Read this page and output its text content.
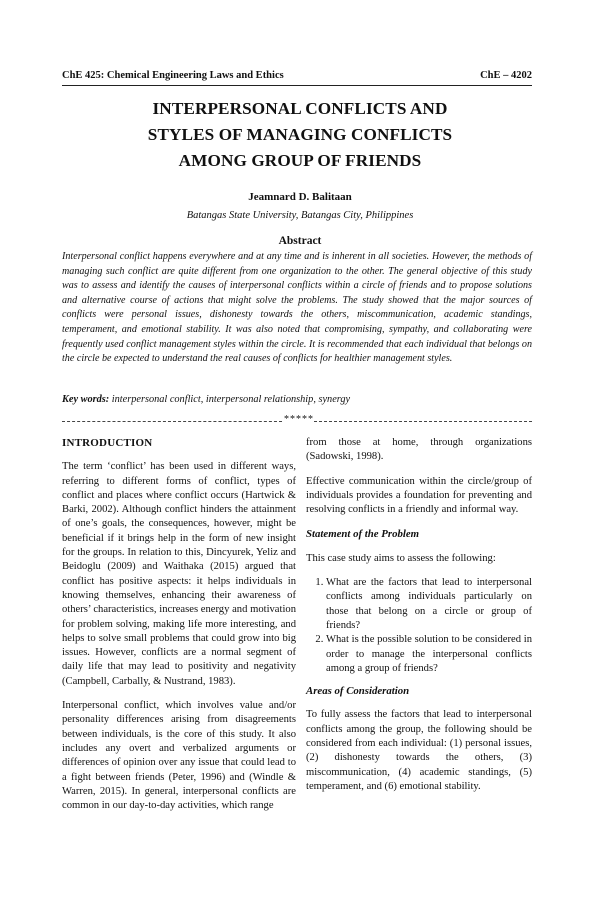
ChE 425: Chemical Engineering Laws and Ethics	ChE – 4202
INTERPERSONAL CONFLICTS AND
STYLES OF MANAGING CONFLICTS
AMONG GROUP OF FRIENDS
Jeamnard D. Balitaan
Batangas State University, Batangas City, Philippines
Abstract

Interpersonal conflict happens everywhere and at any time and is inherent in all societies. However, the methods of managing such conflict are quite different from one organization to the other. The general objective of this study was to assess and identify the causes of interpersonal conflicts within a circle of friends and to propose solutions and alternative course of actions that might solve the problems. The study showed that the major sources of conflicts were personal issues, dishonesty towards the others, miscommunication, academic standings, temperament, and emotional stability. It was also noted that compromising, sympathy, and collaborating were frequently used conflict management styles within the circle. It is recommended that each individual that belongs on the circle be expected to understand the real causes of conflicts for healthier management styles.

Key words: interpersonal conflict, interpersonal relationship, synergy
*****
INTRODUCTION

The term ‘conflict’ has been used in different ways, referring to different forms of conflict, types of conflict and places where conflict occurs (Hartwick & Barki, 2002). Although conflict hinders the attainment of one’s goals, the consequences, however, might be beneficial if it brings help in the form of new insight for the groups. In relation to this, Dincyurek, Yeliz and Beidoglu (2009) and Waithaka (2015) argued that conflict has positive aspects: it helps individuals in knowing themselves, enhancing their awareness of others’ characteristics, increases energy and motivation for problem solving, making life more interesting, and helps to solve small problems that could grow into big issues. However, conflicts are a normal segment of daily life that may lead to positivity and negativity (Campbell, Carbally, & Nustrand, 1983).

Interpersonal conflict, which involves value and/or personality differences arising from disagreements between individuals, is the core of this study. It also includes any overt and verbalized arguments or differences of opinion over any issue that could lead to a fight between friends (Peter, 1996) and (Windle & Warren, 2015). In general, interpersonal conflicts are common in our day-to-day activities, which range

from those at home, through organizations (Sadowski, 1998).

Effective communication within the circle/group of individuals provides a foundation for preventing and resolving conflicts in a friendly and informal way.

Statement of the Problem

This case study aims to assess the following:

1. What are the factors that lead to interpersonal conflicts among individuals particularly on those that belong on a circle or group of friends?
2. What is the possible solution to be considered in order to manage the interpersonal conflicts among a group of friends?
Areas of Consideration

To fully assess the factors that lead to interpersonal conflicts among the group, the following should be considered from each individual: (1) personal issues, (2) dishonesty towards the others, (3) miscommunication, (4) academic standings, (5) temperament, and (6) emotional stability.
